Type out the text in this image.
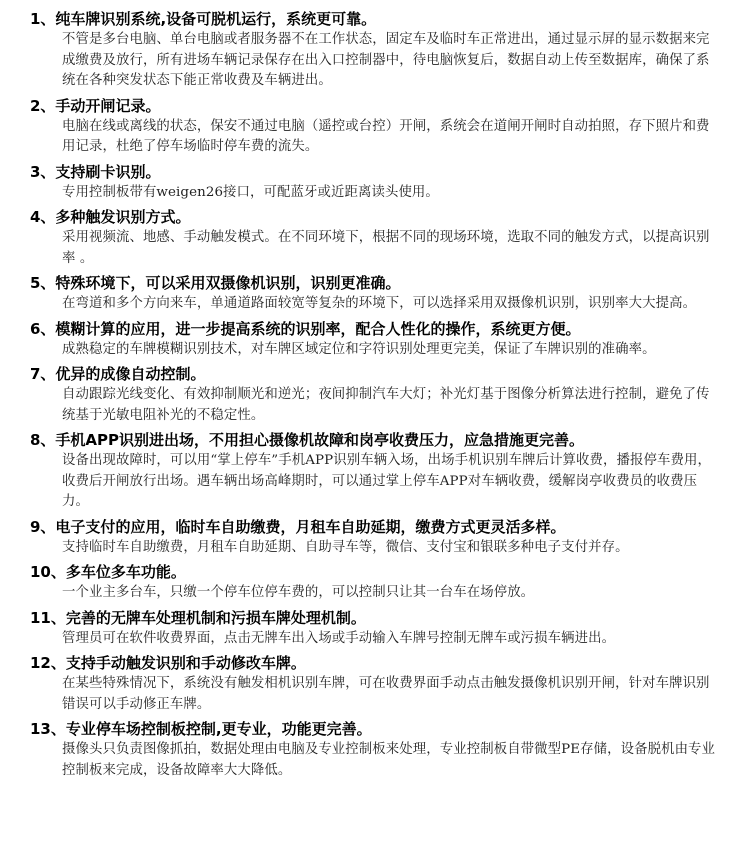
1、纯车牌识别系统,设备可脱机运行，系统更可靠。

不管是多台电脑、单台电脑或者服务器不在工作状态，固定车及临时车正常进出，通过显示屏的显示数据来完成缴费及放行，所有进场车辆记录保存在出入口控制器中，待电脑恢复后，数据自动上传至数据库，确保了系统在各种突发状态下能正常收费及车辆进出。

2、手动开闸记录。

电脑在线或离线的状态，保安不通过电脑（遥控或台控）开闸，系统会在道闸开闸时自动拍照，存下照片和费用记录，杜绝了停车场临时停车费的流失。

3、支持刷卡识别。

专用控制板带有weigen26接口，可配蓝牙或近距离读头使用。

4、多种触发识别方式。

采用视频流、地感、手动触发模式。在不同环境下，根据不同的现场环境，选取不同的触发方式，以提高识别率 。

5、特殊环境下，可以采用双摄像机识别，识别更准确。

在弯道和多个方向来车，单通道路面较宽等复杂的环境下，可以选择采用双摄像机识别，识别率大大提高。

6、模糊计算的应用，进一步提高系统的识别率，配合人性化的操作，系统更方便。

成熟稳定的车牌模糊识别技术，对车牌区域定位和字符识别处理更完美，保证了车牌识别的准确率。

7、优异的成像自动控制。

自动跟踪光线变化、有效抑制顺光和逆光；夜间抑制汽车大灯；补光灯基于图像分析算法进行控制，避免了传统基于光敏电阻补光的不稳定性。

8、手机APP识别进出场，不用担心摄像机故障和岗亭收费压力，应急措施更完善。

设备出现故障时，可以用“掌上停车”手机APP识别车辆入场，出场手机识别车牌后计算收费，播报停车费用，收费后开闸放行出场。遇车辆出场高峰期时，可以通过掌上停车APP对车辆收费，缓解岗亭收费员的收费压力。

9、电子支付的应用，临时车自助缴费，月租车自助延期，缴费方式更灵活多样。

支持临时车自助缴费，月租车自助延期、自助寻车等，微信、支付宝和银联多种电子支付并存。

10、多车位多车功能。

一个业主多台车，只缴一个停车位停车费的，可以控制只让其一台车在场停放。

11、完善的无牌车处理机制和污损车牌处理机制。

管理员可在软件收费界面，点击无牌车出入场或手动输入车牌号控制无牌车或污损车辆进出。

12、支持手动触发识别和手动修改车牌。

在某些特殊情况下，系统没有触发相机识别车牌，可在收费界面手动点击触发摄像机识别开闸，针对车牌识别错误可以手动修正车牌。

13、专业停车场控制板控制,更专业，功能更完善。

摄像头只负责图像抓拍，数据处理由电脑及专业控制板来处理，专业控制板自带微型PE存储，设备脱机由专业控制板来完成，设备故障率大大降低。
